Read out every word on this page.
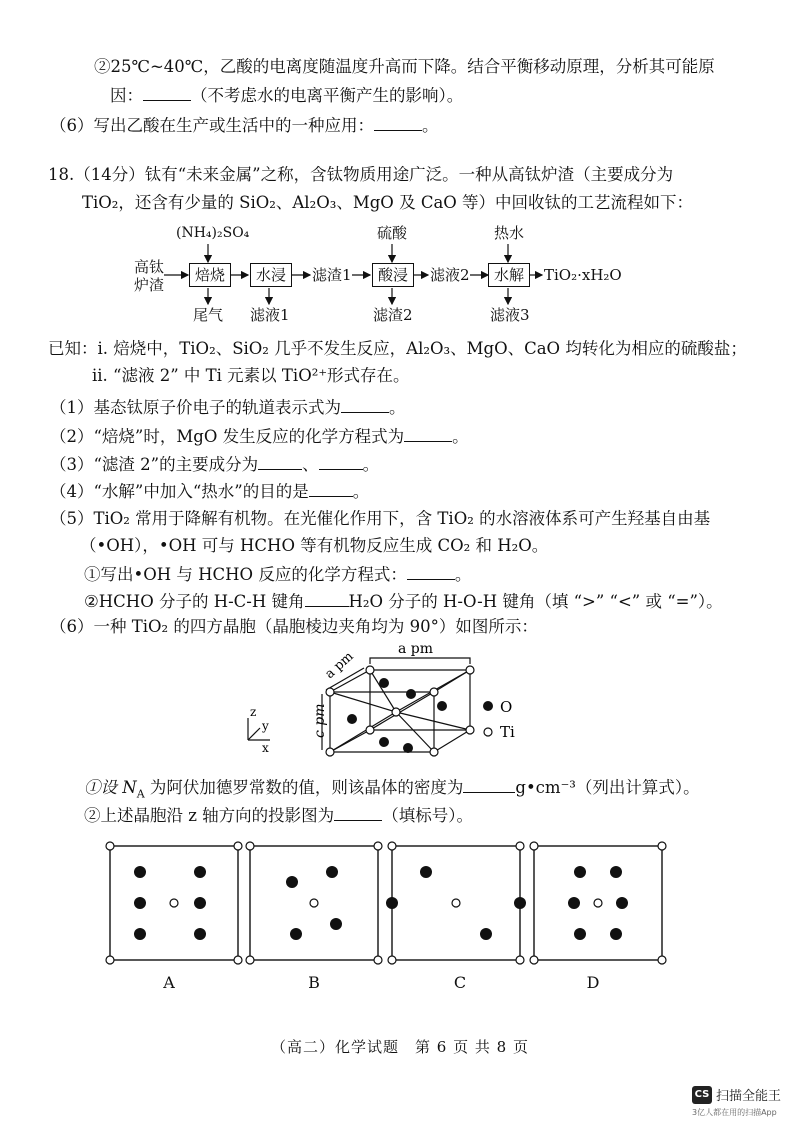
②25℃~40℃，乙酸的电离度随温度升高而下降。结合平衡移动原理，分析其可能原
因：	（不考虑水的电离平衡产生的影响）。
（6）写出乙酸在生产或生活中的一种应用：	。
18.（14分）钛有“未来金属”之称，含钛物质用途广泛。一种从高钛炉渣（主要成分为
TiO₂，还含有少量的 SiO₂、Al₂O₃、MgO 及 CaO 等）中回收钛的工艺流程如下：
高钛
炉渣
(NH₄)₂SO₄
焙烧
尾气
水浸
滤液1
滤渣1
硫酸
酸浸
滤渣2
滤液2
热水
水解
滤液3
TiO₂·xH₂O
已知：i. 焙烧中，TiO₂、SiO₂ 几乎不发生反应，Al₂O₃、MgO、CaO 均转化为相应的硫酸盐；
ii. “滤液 2” 中 Ti 元素以 TiO²⁺形式存在。
（1）基态钛原子价电子的轨道表示式为	。
（2）“焙烧”时，MgO 发生反应的化学方程式为	。
（3）“滤渣 2”的主要成分为	、	。
（4）“水解”中加入“热水”的目的是	。
（5）TiO₂ 常用于降解有机物。在光催化作用下，含 TiO₂ 的水溶液体系可产生羟基自由基
（•OH），•OH 可与 HCHO 等有机物反应生成 CO₂ 和 H₂O。
①写出•OH 与 HCHO 反应的化学方程式：	。
②HCHO 分子的 H-C-H 键角	H₂O 分子的 H-O-H 键角（填 “>” “<” 或 “=”）。
（6）一种 TiO₂ 的四方晶胞（晶胞棱边夹角均为 90°）如图所示：
O
Ti
a pm
a pm
c pm
z
y
x
①设 $N_A$ 为阿伏加德罗常数的值，则该晶体的密度为	g•cm⁻³（列出计算式）。
②上述晶胞沿 z 轴方向的投影图为	（填标号）。
A	B	C	D
（高二）化学试题　第 6 页 共 8 页
CS 扫描全能王
3亿人都在用的扫描App
